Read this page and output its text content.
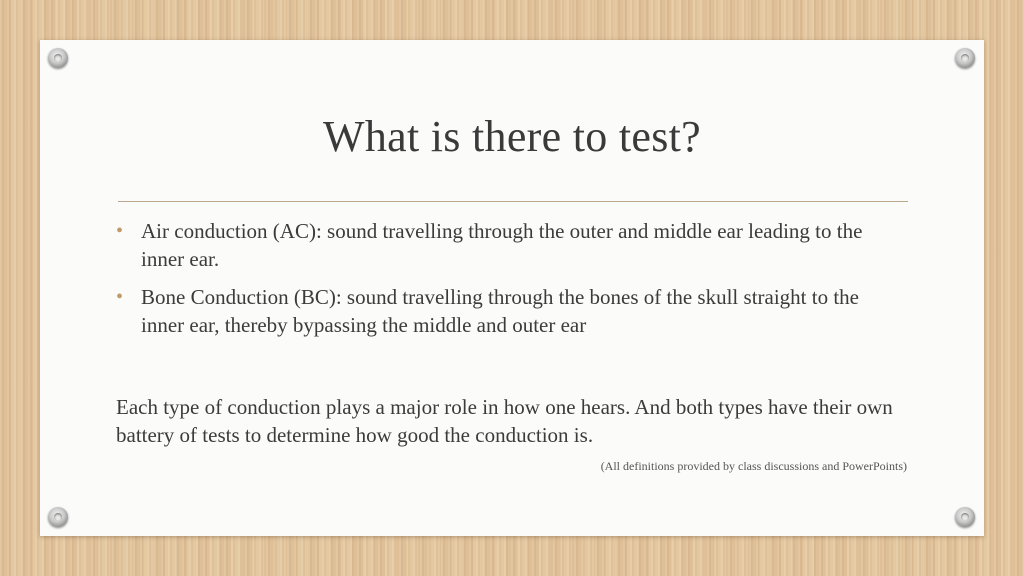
What is there to test?
• Air conduction (AC): sound travelling through the outer and middle ear leading to the inner ear.
• Bone Conduction (BC): sound travelling through the bones of the skull straight to the inner ear, thereby bypassing the middle and outer ear

Each type of conduction plays a major role in how one hears. And both types have their own battery of tests to determine how good the conduction is.

(All definitions provided by class discussions and PowerPoints)
